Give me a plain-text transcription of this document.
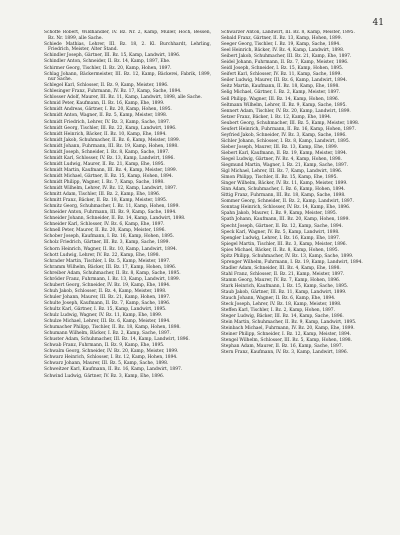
41

Schöffe Robert, Wildhändler, IV. Bz. Nr. 2, Kamp, Müller, Hoch, Bessen, Bz. Nr. 1899, alle Sache.

Schiede Mathias, Lehrer, III. Bz. 18, 2. Kl. Burchhardt, Lehrling, Friedrich, Meister, Alter Stand.

Schindler Joseph, Gärtner, III. Bz. 15, Kamp, Landwirt, 1896.

Schindler Anton, Schneider, II. Bz. 14, Kamp, 1897, Ehe.

Schirmer Georg, Tischler, II. Bz. 20, Kamp, Hohen, 1897.

Schlag Johann, Bäckermeister, III. Bz. 12, Kamp, Bäckerei, Fabrik, 1899, nur Sache.

Schlegel Karl, Schlosser, II. Bz. 9, Kamp, Meister, 1896.

Schlesinger Franz, Fuhrmann, IV. Bz. 17, Kamp, Sache, 1894.

Schlosser Adolf, Maurer, III. Bz. 11, Kamp, Landwirt, 1898, alle Sache.

Schmid Peter, Kaufmann, II. Bz. 16, Kamp, Ehe, 1899.

Schmidt Andreas, Gärtner, I. Bz. 20, Kamp, Hohen, 1895.

Schmidt Anton, Wagner, II. Bz. 5, Kamp, Meister, 1898.

Schmidt Friedrich, Lehrer, IV. Bz. 3, Kamp, Sache, 1897.

Schmidt Georg, Tischler, III. Bz. 22, Kamp, Landwirt, 1896.

Schmidt Heinrich, Bäcker, II. Bz. 10, Kamp, Ehe, 1894.

Schmidt Jakob, Schuhmacher, II. Bz. 6, Kamp, Meister, 1899.

Schmidt Johann, Fuhrmann, III. Bz. 19, Kamp, Hohen, 1898.

Schmidt Joseph, Schneider, I. Bz. 8, Kamp, Sache, 1897.

Schmidt Karl, Schlosser, IV. Bz. 13, Kamp, Landwirt, 1896.

Schmidt Ludwig, Maurer, II. Bz. 21, Kamp, Ehe, 1895.

Schmidt Martin, Kaufmann, III. Bz. 4, Kamp, Meister, 1899.

Schmidt Michael, Gärtner, II. Bz. 15, Kamp, Hohen, 1894.

Schmidt Philipp, Wagner, I. Bz. 7, Kamp, Sache, 1898.

Schmidt Wilhelm, Lehrer, IV. Bz. 12, Kamp, Landwirt, 1897.

Schmitt Adam, Tischler, III. Bz. 2, Kamp, Ehe, 1896.

Schmitt Franz, Bäcker, II. Bz. 18, Kamp, Meister, 1895.

Schmitz Georg, Schuhmacher, I. Bz. 11, Kamp, Hohen, 1899.

Schneider Anton, Fuhrmann, III. Bz. 9, Kamp, Sache, 1894.

Schneider Johann, Schneider, II. Bz. 14, Kamp, Landwirt, 1898.

Schneider Karl, Schlosser, IV. Bz. 6, Kamp, Ehe, 1897.

Schnell Peter, Maurer, II. Bz. 20, Kamp, Meister, 1896.

Schober Joseph, Kaufmann, I. Bz. 16, Kamp, Hohen, 1895.

Scholz Friedrich, Gärtner, III. Bz. 3, Kamp, Sache, 1899.

Schorn Heinrich, Wagner, II. Bz. 10, Kamp, Landwirt, 1894.

Schott Ludwig, Lehrer, IV. Bz. 22, Kamp, Ehe, 1898.

Schrader Martin, Tischler, I. Bz. 5, Kamp, Meister, 1897.

Schramm Wilhelm, Bäcker, III. Bz. 17, Kamp, Hohen, 1896.

Schreiber Adam, Schuhmacher, II. Bz. 8, Kamp, Sache, 1895.

Schröder Franz, Fuhrmann, I. Bz. 13, Kamp, Landwirt, 1899.

Schubert Georg, Schneider, IV. Bz. 19, Kamp, Ehe, 1894.

Schuh Jakob, Schlosser, II. Bz. 4, Kamp, Meister, 1898.

Schuler Johann, Maurer, III. Bz. 21, Kamp, Hohen, 1897.

Schulte Joseph, Kaufmann, II. Bz. 7, Kamp, Sache, 1896.

Schultz Karl, Gärtner, I. Bz. 15, Kamp, Landwirt, 1895.

Schulz Ludwig, Wagner, IV. Bz. 11, Kamp, Ehe, 1899.

Schulze Michael, Lehrer, III. Bz. 6, Kamp, Meister, 1894.

Schumacher Philipp, Tischler, II. Bz. 18, Kamp, Hohen, 1898.

Schumann Wilhelm, Bäcker, I. Bz. 2, Kamp, Sache, 1897.

Schuster Adam, Schuhmacher, III. Bz. 14, Kamp, Landwirt, 1896.

Schwab Franz, Fuhrmann, II. Bz. 9, Kamp, Ehe, 1895.

Schwalm Georg, Schneider, IV. Bz. 20, Kamp, Meister, 1899.

Schwarz Heinrich, Schlosser, I. Bz. 12, Kamp, Hohen, 1894.

Schwarz Johann, Maurer, III. Bz. 5, Kamp, Sache, 1898.

Schweitzer Karl, Kaufmann, II. Bz. 16, Kamp, Landwirt, 1897.

Schwind Ludwig, Gärtner, IV. Bz. 3, Kamp, Ehe, 1896.

Schwarzer Anton, Landwirt, III. Bz. 8, Kamp, Meister, 1895.

Sebald Franz, Gärtner, II. Bz. 13, Kamp, Hohen, 1899.

Seeger Georg, Tischler, I. Bz. 19, Kamp, Sache, 1894.

Seel Heinrich, Bäcker, IV. Bz. 4, Kamp, Landwirt, 1898.

Seibert Jakob, Schuhmacher, III. Bz. 21, Kamp, Ehe, 1897.

Seidel Johann, Fuhrmann, II. Bz. 7, Kamp, Meister, 1896.

Seidl Joseph, Schneider, I. Bz. 15, Kamp, Hohen, 1895.

Seifert Karl, Schlosser, IV. Bz. 11, Kamp, Sache, 1899.

Seiler Ludwig, Maurer, III. Bz. 6, Kamp, Landwirt, 1894.

Seitz Martin, Kaufmann, II. Bz. 18, Kamp, Ehe, 1898.

Selig Michael, Gärtner, I. Bz. 2, Kamp, Meister, 1897.

Sell Philipp, Wagner, III. Bz. 14, Kamp, Hohen, 1896.

Seltmann Wilhelm, Lehrer, II. Bz. 9, Kamp, Sache, 1895.

Sennert Adam, Tischler, IV. Bz. 20, Kamp, Landwirt, 1899.

Setzer Franz, Bäcker, I. Bz. 12, Kamp, Ehe, 1894.

Seubert Georg, Schuhmacher, III. Bz. 5, Kamp, Meister, 1898.

Seufert Heinrich, Fuhrmann, II. Bz. 16, Kamp, Hohen, 1897.

Seyfried Jakob, Schneider, IV. Bz. 3, Kamp, Sache, 1896.

Sichler Johann, Schlosser, I. Bz. 8, Kamp, Landwirt, 1895.

Sieber Joseph, Maurer, III. Bz. 13, Kamp, Ehe, 1899.

Siebert Karl, Kaufmann, II. Bz. 19, Kamp, Meister, 1894.

Siegel Ludwig, Gärtner, IV. Bz. 4, Kamp, Hohen, 1898.

Siegmund Martin, Wagner, I. Bz. 21, Kamp, Sache, 1897.

Sigl Michael, Lehrer, III. Bz. 7, Kamp, Landwirt, 1896.

Simon Philipp, Tischler, II. Bz. 15, Kamp, Ehe, 1895.

Singer Wilhelm, Bäcker, IV. Bz. 11, Kamp, Meister, 1899.

Sinn Adam, Schuhmacher, I. Bz. 6, Kamp, Hohen, 1894.

Sittig Franz, Fuhrmann, III. Bz. 18, Kamp, Sache, 1898.

Sommer Georg, Schneider, II. Bz. 2, Kamp, Landwirt, 1897.

Sonntag Heinrich, Schlosser, IV. Bz. 14, Kamp, Ehe, 1896.

Spahn Jakob, Maurer, I. Bz. 9, Kamp, Meister, 1895.

Spath Johann, Kaufmann, III. Bz. 20, Kamp, Hohen, 1899.

Specht Joseph, Gärtner, II. Bz. 12, Kamp, Sache, 1894.

Speck Karl, Wagner, IV. Bz. 5, Kamp, Landwirt, 1898.

Spengler Ludwig, Lehrer, I. Bz. 16, Kamp, Ehe, 1897.

Spiegel Martin, Tischler, III. Bz. 3, Kamp, Meister, 1896.

Spies Michael, Bäcker, II. Bz. 8, Kamp, Hohen, 1895.

Spitz Philipp, Schuhmacher, IV. Bz. 13, Kamp, Sache, 1899.

Sprenger Wilhelm, Fuhrmann, I. Bz. 19, Kamp, Landwirt, 1894.

Stadler Adam, Schneider, III. Bz. 4, Kamp, Ehe, 1898.

Stahl Franz, Schlosser, II. Bz. 21, Kamp, Meister, 1897.

Stamm Georg, Maurer, IV. Bz. 7, Kamp, Hohen, 1896.

Stark Heinrich, Kaufmann, I. Bz. 15, Kamp, Sache, 1895.

Staub Jakob, Gärtner, III. Bz. 11, Kamp, Landwirt, 1899.

Stauch Johann, Wagner, II. Bz. 6, Kamp, Ehe, 1894.

Steck Joseph, Lehrer, IV. Bz. 18, Kamp, Meister, 1898.

Steffen Karl, Tischler, I. Bz. 2, Kamp, Hohen, 1897.

Steger Ludwig, Bäcker, III. Bz. 14, Kamp, Sache, 1896.

Stein Martin, Schuhmacher, II. Bz. 9, Kamp, Landwirt, 1895.

Steinbach Michael, Fuhrmann, IV. Bz. 20, Kamp, Ehe, 1899.

Steiner Philipp, Schneider, I. Bz. 12, Kamp, Meister, 1894.

Stengel Wilhelm, Schlosser, III. Bz. 5, Kamp, Hohen, 1898.

Stephan Adam, Maurer, II. Bz. 16, Kamp, Sache, 1897.

Stern Franz, Kaufmann, IV. Bz. 3, Kamp, Landwirt, 1896.
